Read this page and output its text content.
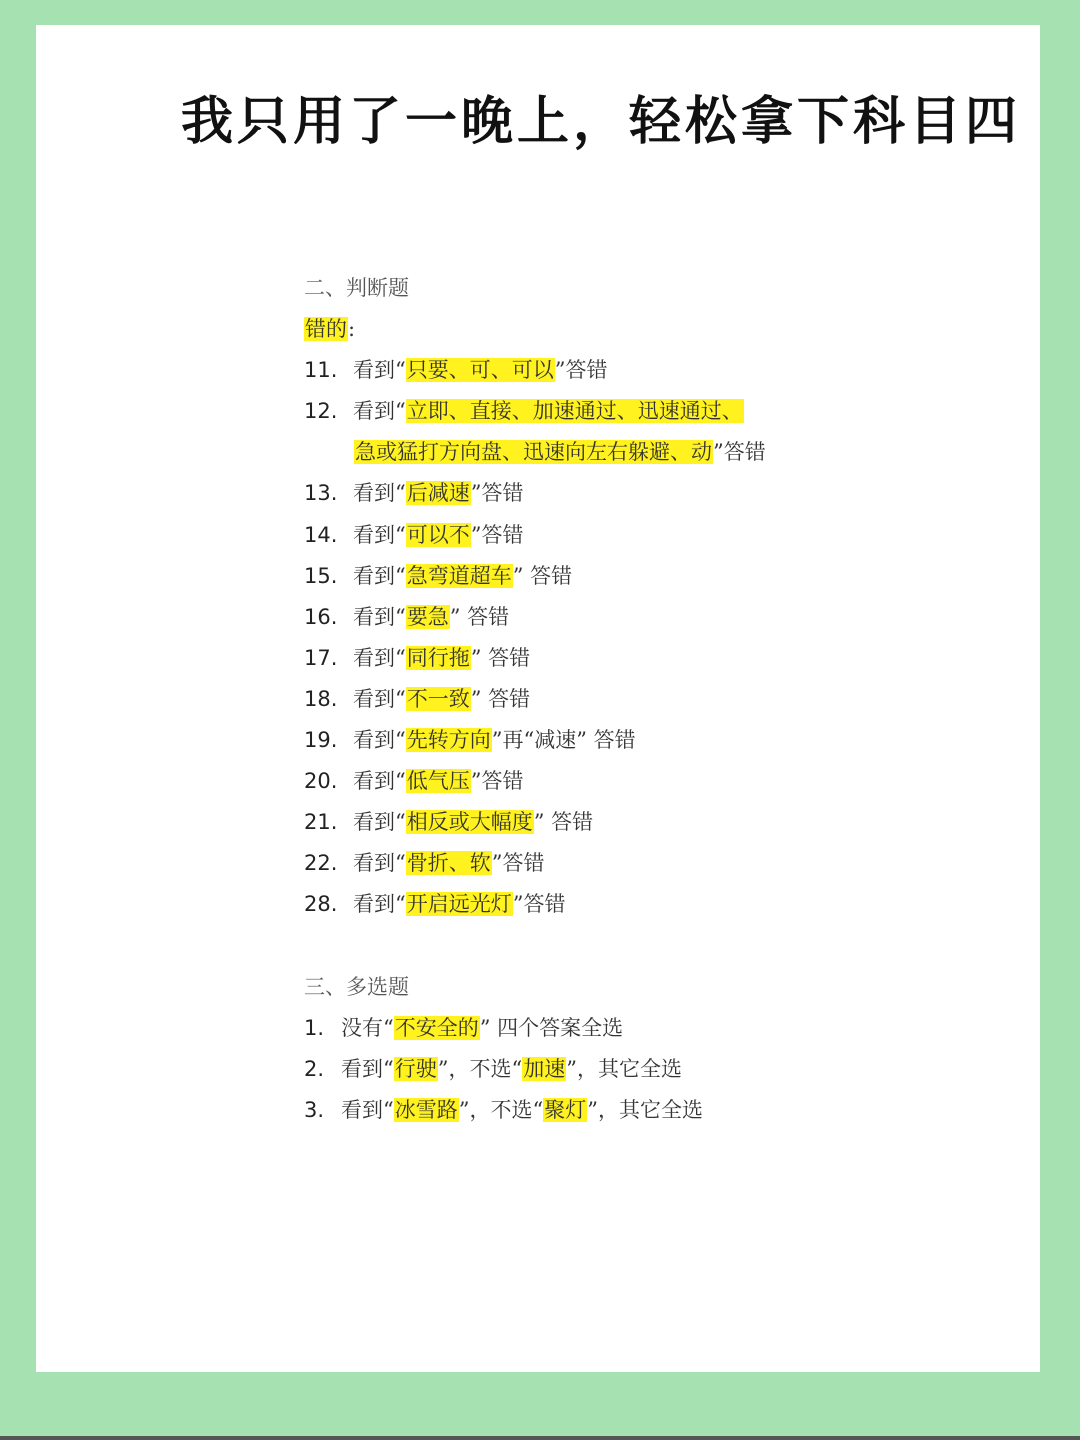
我只用了一晚上，轻松拿下科目四
二、判断题
错的:
11. 看到“只要、可、可以”答错
12. 看到“立即、直接、加速通过、迅速通过、
急或猛打方向盘、迅速向左右躲避、动”答错
13. 看到“后减速”答错
14. 看到“可以不”答错
15. 看到“急弯道超车” 答错
16. 看到“要急” 答错
17. 看到“同行拖” 答错
18. 看到“不一致” 答错
19. 看到“先转方向”再“减速” 答错
20. 看到“低气压”答错
21. 看到“相反或大幅度” 答错
22. 看到“骨折、软”答错
28. 看到“开启远光灯”答错
三、多选题
1. 没有“不安全的” 四个答案全选
2. 看到“行驶”，不选“加速”，其它全选
3. 看到“冰雪路”，不选“聚灯”，其它全选
